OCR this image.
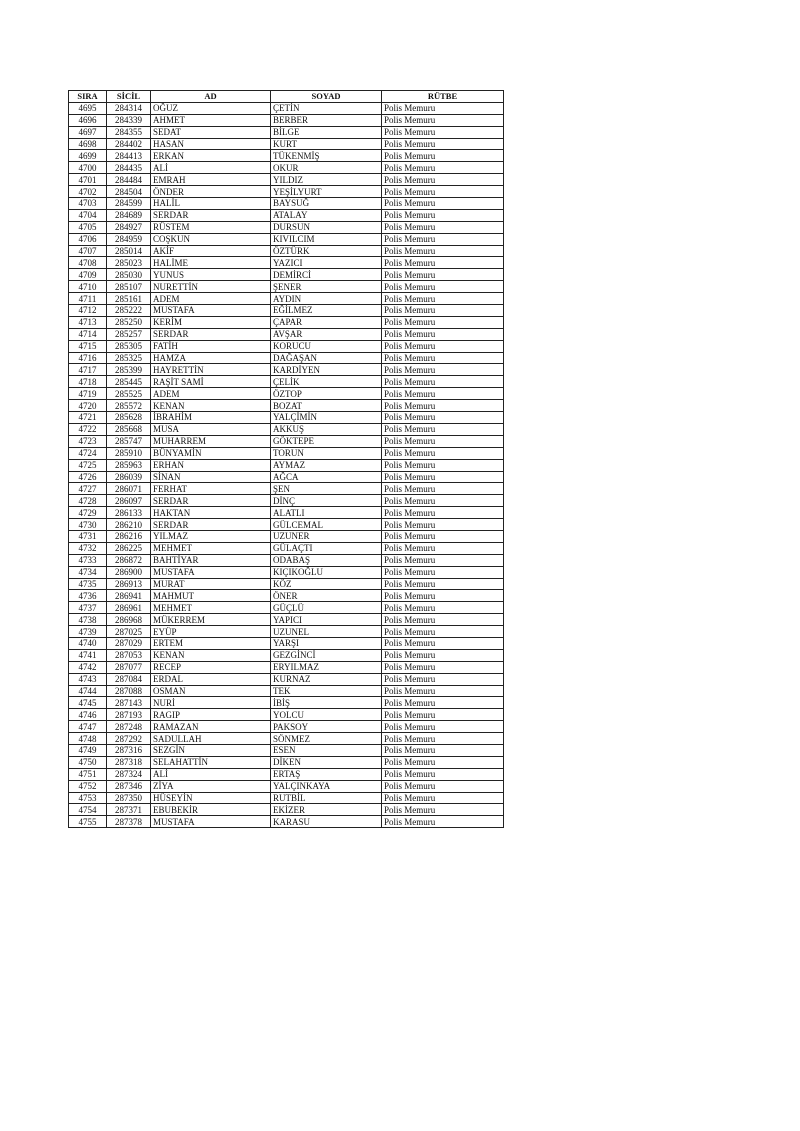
SIRA	SİCİL	AD	SOYAD	RÜTBE
4695	284314	OĞUZ	ÇETİN	Polis Memuru
4696	284339	AHMET	BERBER	Polis Memuru
4697	284355	SEDAT	BİLGE	Polis Memuru
4698	284402	HASAN	KURT	Polis Memuru
4699	284413	ERKAN	TÜKENMİŞ	Polis Memuru
4700	284435	ALİ	OKUR	Polis Memuru
4701	284484	EMRAH	YILDIZ	Polis Memuru
4702	284504	ÖNDER	YEŞİLYURT	Polis Memuru
4703	284599	HALİL	BAYSUĞ	Polis Memuru
4704	284689	SERDAR	ATALAY	Polis Memuru
4705	284927	RÜSTEM	DURSUN	Polis Memuru
4706	284959	COŞKUN	KIVILCIM	Polis Memuru
4707	285014	AKİF	ÖZTÜRK	Polis Memuru
4708	285023	HALİME	YAZICI	Polis Memuru
4709	285030	YUNUS	DEMİRCİ	Polis Memuru
4710	285107	NURETTİN	ŞENER	Polis Memuru
4711	285161	ADEM	AYDIN	Polis Memuru
4712	285222	MUSTAFA	EĞİLMEZ	Polis Memuru
4713	285250	KERİM	ÇAPAR	Polis Memuru
4714	285257	SERDAR	AVŞAR	Polis Memuru
4715	285305	FATİH	KORUCU	Polis Memuru
4716	285325	HAMZA	DAĞAŞAN	Polis Memuru
4717	285399	HAYRETTİN	KARDİYEN	Polis Memuru
4718	285445	RAŞİT SAMİ	ÇELİK	Polis Memuru
4719	285525	ADEM	ÖZTOP	Polis Memuru
4720	285572	KENAN	BOZAT	Polis Memuru
4721	285628	İBRAHİM	YALÇİMİN	Polis Memuru
4722	285668	MUSA	AKKUŞ	Polis Memuru
4723	285747	MUHARREM	GÖKTEPE	Polis Memuru
4724	285910	BÜNYAMİN	TORUN	Polis Memuru
4725	285963	ERHAN	AYMAZ	Polis Memuru
4726	286039	SİNAN	AĞCA	Polis Memuru
4727	286071	FERHAT	ŞEN	Polis Memuru
4728	286097	SERDAR	DİNÇ	Polis Memuru
4729	286133	HAKTAN	ALATLI	Polis Memuru
4730	286210	SERDAR	GÜLCEMAL	Polis Memuru
4731	286216	YILMAZ	UZUNER	Polis Memuru
4732	286225	MEHMET	GÜLAÇTI	Polis Memuru
4733	286872	BAHTİYAR	ODABAŞ	Polis Memuru
4734	286900	MUSTAFA	KIÇIKOĞLU	Polis Memuru
4735	286913	MURAT	KÖZ	Polis Memuru
4736	286941	MAHMUT	ÖNER	Polis Memuru
4737	286961	MEHMET	GÜÇLÜ	Polis Memuru
4738	286968	MÜKERREM	YAPICI	Polis Memuru
4739	287025	EYÜP	UZUNEL	Polis Memuru
4740	287029	ERTEM	YARŞI	Polis Memuru
4741	287053	KENAN	GEZGİNCİ	Polis Memuru
4742	287077	RECEP	ERYILMAZ	Polis Memuru
4743	287084	ERDAL	KURNAZ	Polis Memuru
4744	287088	OSMAN	TEK	Polis Memuru
4745	287143	NURİ	İBİŞ	Polis Memuru
4746	287193	RAGIP	YOLCU	Polis Memuru
4747	287248	RAMAZAN	PAKSOY	Polis Memuru
4748	287292	SADULLAH	SÖNMEZ	Polis Memuru
4749	287316	SEZGİN	ESEN	Polis Memuru
4750	287318	SELAHATTİN	DİKEN	Polis Memuru
4751	287324	ALİ	ERTAŞ	Polis Memuru
4752	287346	ZİYA	YALÇINKAYA	Polis Memuru
4753	287350	HÜSEYİN	RUTBİL	Polis Memuru
4754	287371	EBUBEKİR	EKİZER	Polis Memuru
4755	287378	MUSTAFA	KARASU	Polis Memuru
